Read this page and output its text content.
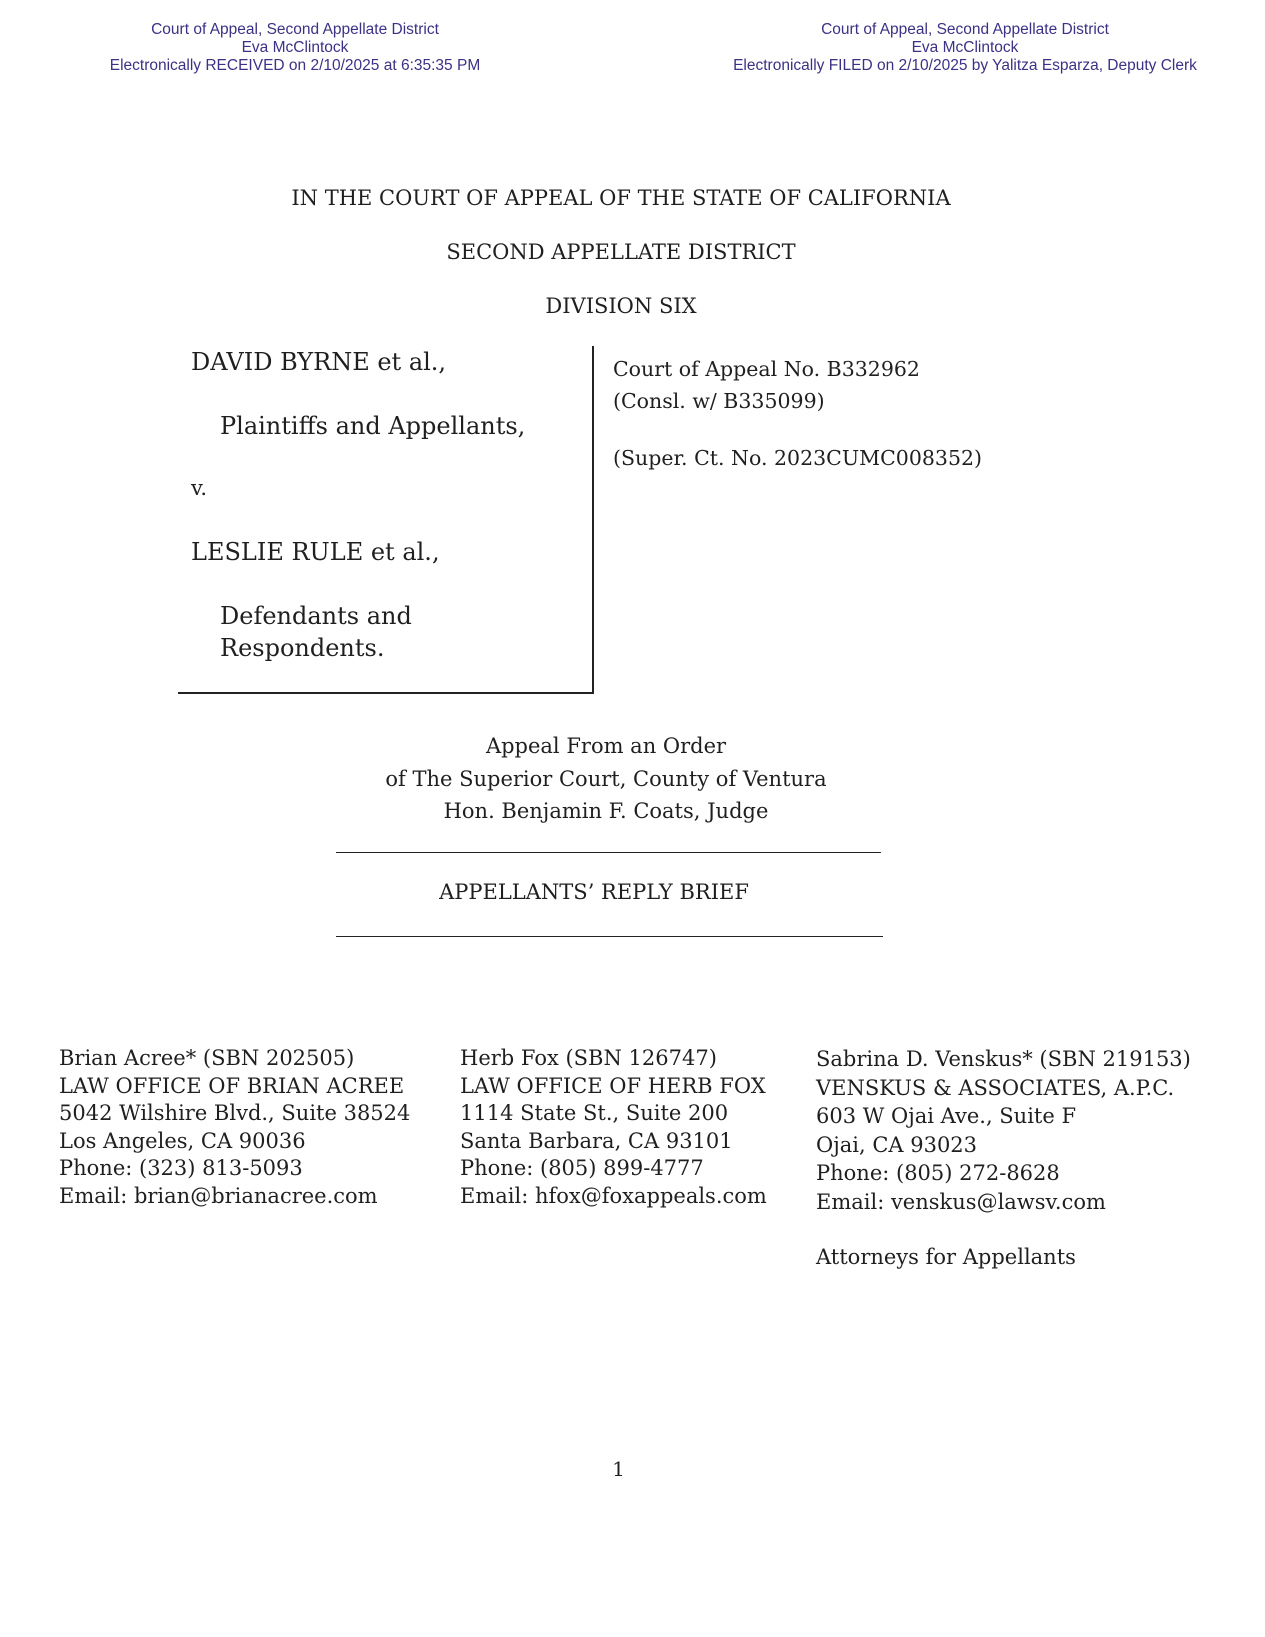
Court of Appeal, Second Appellate District
Eva McClintock
Electronically RECEIVED on 2/10/2025 at 6:35:35 PM
Court of Appeal, Second Appellate District
Eva McClintock
Electronically FILED on 2/10/2025 by Yalitza Esparza, Deputy Clerk
IN THE COURT OF APPEAL OF THE STATE OF CALIFORNIA
SECOND APPELLATE DISTRICT
DIVISION SIX
DAVID BYRNE et al.,
Plaintiffs and Appellants,
v.
LESLIE RULE et al.,
Defendants and
Respondents.
Court of Appeal No. B332962
(Consl. w/ B335099)
(Super. Ct. No. 2023CUMC008352)
Appeal From an Order
of The Superior Court, County of Ventura
Hon. Benjamin F. Coats, Judge
APPELLANTS’ REPLY BRIEF
Brian Acree* (SBN 202505)
LAW OFFICE OF BRIAN ACREE
5042 Wilshire Blvd., Suite 38524
Los Angeles, CA 90036
Phone: (323) 813-5093
Email: brian@brianacree.com
Herb Fox (SBN 126747)
LAW OFFICE OF HERB FOX
1114 State St., Suite 200
Santa Barbara, CA 93101
Phone: (805) 899-4777
Email: hfox@foxappeals.com
Sabrina D. Venskus* (SBN 219153)
VENSKUS & ASSOCIATES, A.P.C.
603 W Ojai Ave., Suite F
Ojai, CA 93023
Phone: (805) 272-8628
Email: venskus@lawsv.com
Attorneys for Appellants
1
